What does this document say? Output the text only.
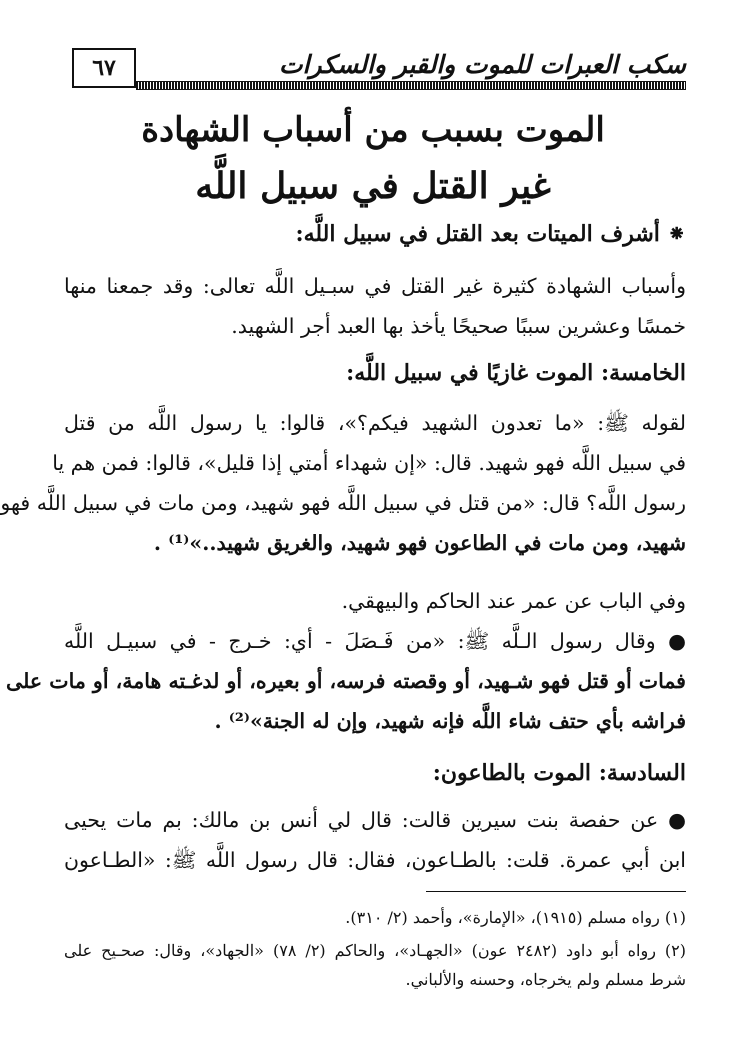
سكب العبرات للموت والقبر والسكرات
٦٧
الموت بسبب من أسباب الشهادة
غير القتل في سبيل اللَّه
⁕ أشرف الميتات بعد القتل في سبيل اللَّه:
وأسباب الشهادة كثيرة غير القتل في سبـيل اللَّه تعالى: وقد جمعنا منها
خمسًا وعشرين سببًا صحيحًا يأخذ بها العبد أجر الشهيد.
الخامسة: الموت غازيًا في سبيل اللَّه:
لقوله ﷺ: «ما تعدون الشهيد فيكم؟»، قالوا: يا رسول اللَّه من قتل
في سبيل اللَّه فهو شهيد. قال: «إن شهداء أمتي إذا قليل»، قالوا: فمن هم يا
رسول اللَّه؟ قال: «من قتل في سبيل اللَّه فهو شهيد، ومن مات في سبيل اللَّه فهو
شهيد، ومن مات في الطاعون فهو شهيد، والغريق شهيد..»⁽¹⁾ .
وفي الباب عن عمر عند الحاكم والبيهقي.
● وقال رسول الـلَّه ﷺ: «من فَـصَلَ - أي: خـرج - في سبيـل اللَّه
فمات أو قتل فهو شـهيد، أو وقصته فرسه، أو بعيره، أو لدغـته هامة، أو مات على
فراشه بأي حتف شاء اللَّه فإنه شهيد، وإن له الجنة»⁽²⁾ .
السادسة: الموت بالطاعون:
● عن حفصة بنت سيرين قالت: قال لي أنس بن مالك: بم مات يحيى
ابن أبي عمرة. قلت: بالطـاعون، فقال: قال رسول اللَّه ﷺ: «الطـاعون
(١) رواه مسلم (١٩١٥)، «الإمارة»، وأحمد (٢/ ٣١٠).
(٢) رواه أبو داود (٢٤٨٢ عون) «الجهـاد»، والحاكم (٢/ ٧٨) «الجهاد»، وقال: صحـيح على
شرط مسلم ولم يخرجاه، وحسنه والألباني.
